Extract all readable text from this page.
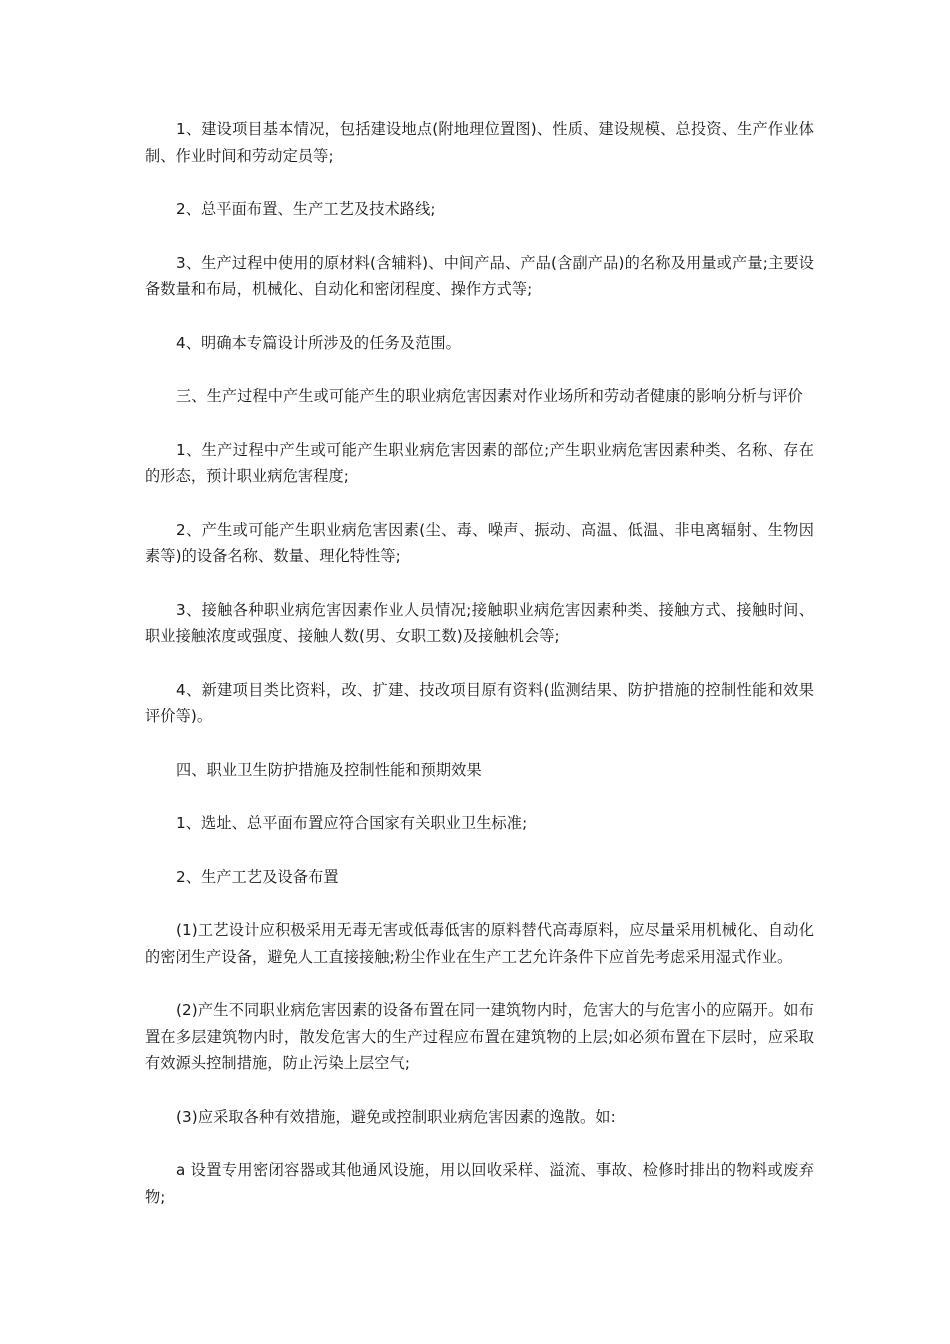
1、建设项目基本情况，包括建设地点(附地理位置图)、性质、建设规模、总投资、生产作业体制、作业时间和劳动定员等;

2、总平面布置、生产工艺及技术路线;

3、生产过程中使用的原材料(含辅料)、中间产品、产品(含副产品)的名称及用量或产量;主要设备数量和布局，机械化、自动化和密闭程度、操作方式等;

4、明确本专篇设计所涉及的任务及范围。

三、生产过程中产生或可能产生的职业病危害因素对作业场所和劳动者健康的影响分析与评价

1、生产过程中产生或可能产生职业病危害因素的部位;产生职业病危害因素种类、名称、存在的形态，预计职业病危害程度;

2、产生或可能产生职业病危害因素(尘、毒、噪声、振动、高温、低温、非电离辐射、生物因素等)的设备名称、数量、理化特性等;

3、接触各种职业病危害因素作业人员情况;接触职业病危害因素种类、接触方式、接触时间、职业接触浓度或强度、接触人数(男、女职工数)及接触机会等;

4、新建项目类比资料，改、扩建、技改项目原有资料(监测结果、防护措施的控制性能和效果评价等)。

四、职业卫生防护措施及控制性能和预期效果

1、选址、总平面布置应符合国家有关职业卫生标准;

2、生产工艺及设备布置

(1)工艺设计应积极采用无毒无害或低毒低害的原料替代高毒原料，应尽量采用机械化、自动化的密闭生产设备，避免人工直接接触;粉尘作业在生产工艺允许条件下应首先考虑采用湿式作业。

(2)产生不同职业病危害因素的设备布置在同一建筑物内时，危害大的与危害小的应隔开。如布置在多层建筑物内时，散发危害大的生产过程应布置在建筑物的上层;如必须布置在下层时，应采取有效源头控制措施，防止污染上层空气;

(3)应采取各种有效措施，避免或控制职业病危害因素的逸散。如:

a 设置专用密闭容器或其他通风设施，用以回收采样、溢流、事故、检修时排出的物料或废弃物;
